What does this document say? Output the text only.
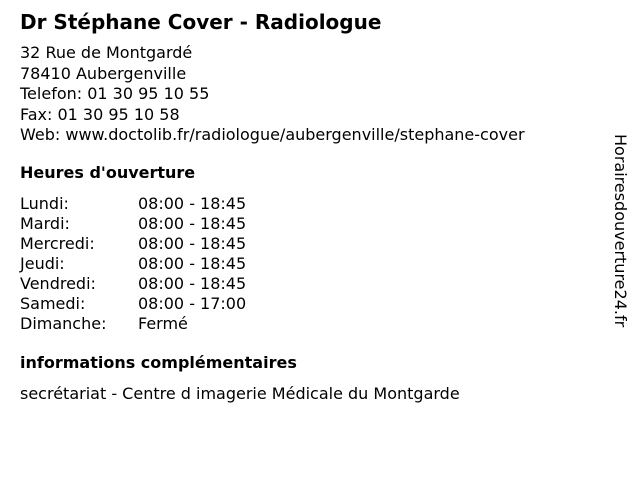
Dr Stéphane Cover - Radiologue
32 Rue de Montgardé
78410 Aubergenville
Telefon: 01 30 95 10 55
Fax: 01 30 95 10 58
Web: www.doctolib.fr/radiologue/aubergenville/stephane-cover
Heures d'ouverture
Lundi:	08:00 - 18:45
Mardi:	08:00 - 18:45
Mercredi:	08:00 - 18:45
Jeudi:	08:00 - 18:45
Vendredi:	08:00 - 18:45
Samedi:	08:00 - 17:00
Dimanche: Fermé
informations complémentaires
secrétariat - Centre d imagerie Médicale du Montgarde
Horairesdouverture24.fr
